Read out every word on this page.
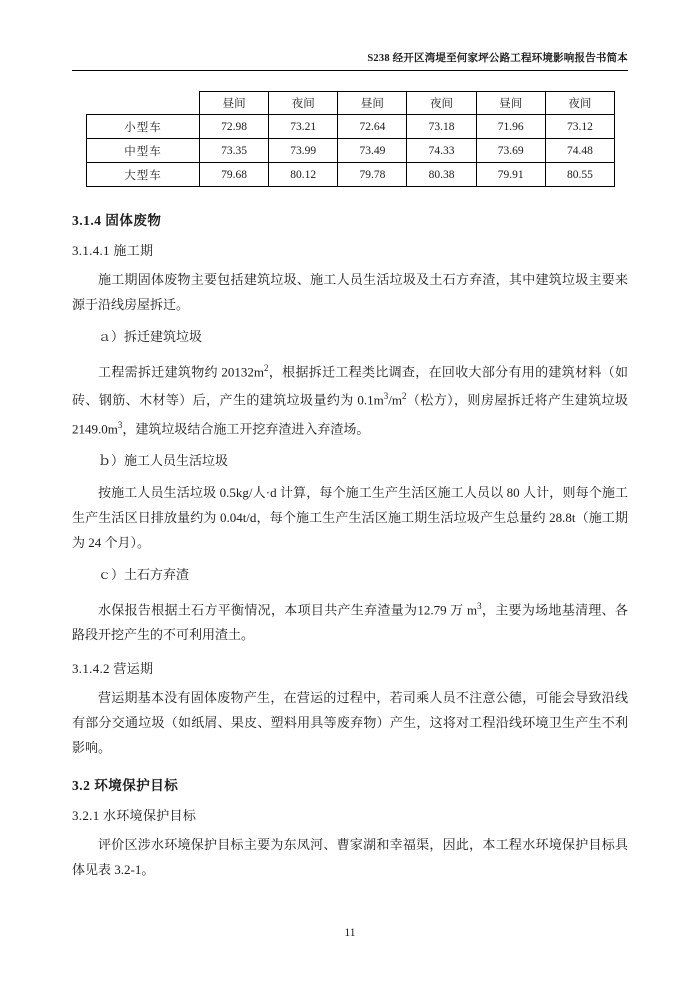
S238 经开区湾堤至何家坪公路工程环境影响报告书简本
	昼间	夜间	昼间	夜间	昼间	夜间
小型车	72.98	73.21	72.64	73.18	71.96	73.12
中型车	73.35	73.99	73.49	74.33	73.69	74.48
大型车	79.68	80.12	79.78	80.38	79.91	80.55
3.1.4 固体废物
3.1.4.1 施工期

施工期固体废物主要包括建筑垃圾、施工人员生活垃圾及土石方弃渣，其中建筑垃圾主要来源于沿线房屋拆迁。

ａ）拆迁建筑垃圾

工程需拆迁建筑物约 $20132m^2$，根据拆迁工程类比调查，在回收大部分有用的建筑材料（如砖、钢筋、木材等）后，产生的建筑垃圾量约为 $0.1m^3/m^2$（松方），则房屋拆迁将产生建筑垃圾 $2149.0m^3$，建筑垃圾结合施工开挖弃渣进入弃渣场。

ｂ）施工人员生活垃圾

按施工人员生活垃圾 0.5kg/人·d 计算，每个施工生产生活区施工人员以 80 人计，则每个施工生产生活区日排放量约为 0.04t/d，每个施工生产生活区施工期生活垃圾产生总量约 28.8t（施工期为 24 个月）。

ｃ）土石方弃渣

水保报告根据土石方平衡情况，本项目共产生弃渣量为12.79 万 $m^3$，主要为场地基清理、各路段开挖产生的不可利用渣土。

3.1.4.2 营运期

营运期基本没有固体废物产生，在营运的过程中，若司乘人员不注意公德，可能会导致沿线有部分交通垃圾（如纸屑、果皮、塑料用具等废弃物）产生，这将对工程沿线环境卫生产生不利影响。

3.2 环境保护目标
3.2.1 水环境保护目标

评价区涉水环境保护目标主要为东凤河、曹家湖和幸福渠，因此，本工程水环境保护目标具体见表 3.2-1。

11
